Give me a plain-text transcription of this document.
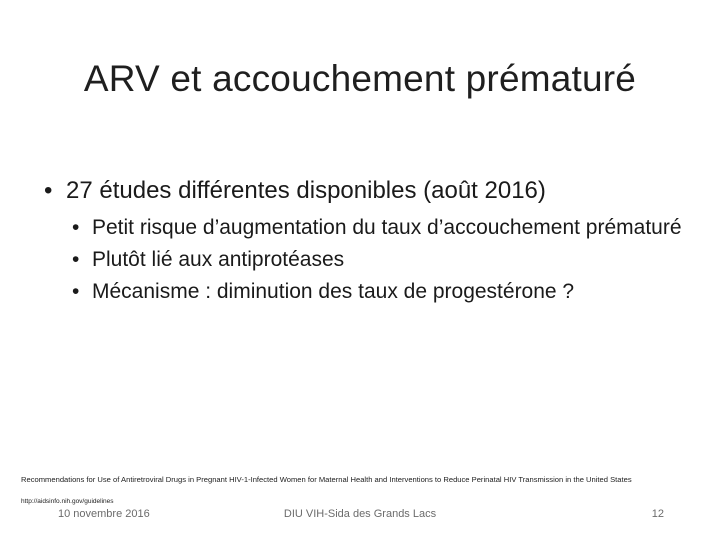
ARV et accouchement prématuré
• 27 études différentes disponibles (août 2016)
• Petit risque d’augmentation du taux d’accouchement prématuré
• Plutôt lié aux antiprotéases
• Mécanisme : diminution des taux de progestérone ?
Recommendations for Use of Antiretroviral Drugs in Pregnant HIV-1-Infected Women for Maternal Health and Interventions to Reduce Perinatal HIV Transmission in the United States
http://aidsinfo.nih.gov/guidelines
10 novembre 2016	DIU VIH-Sida des Grands Lacs	12
